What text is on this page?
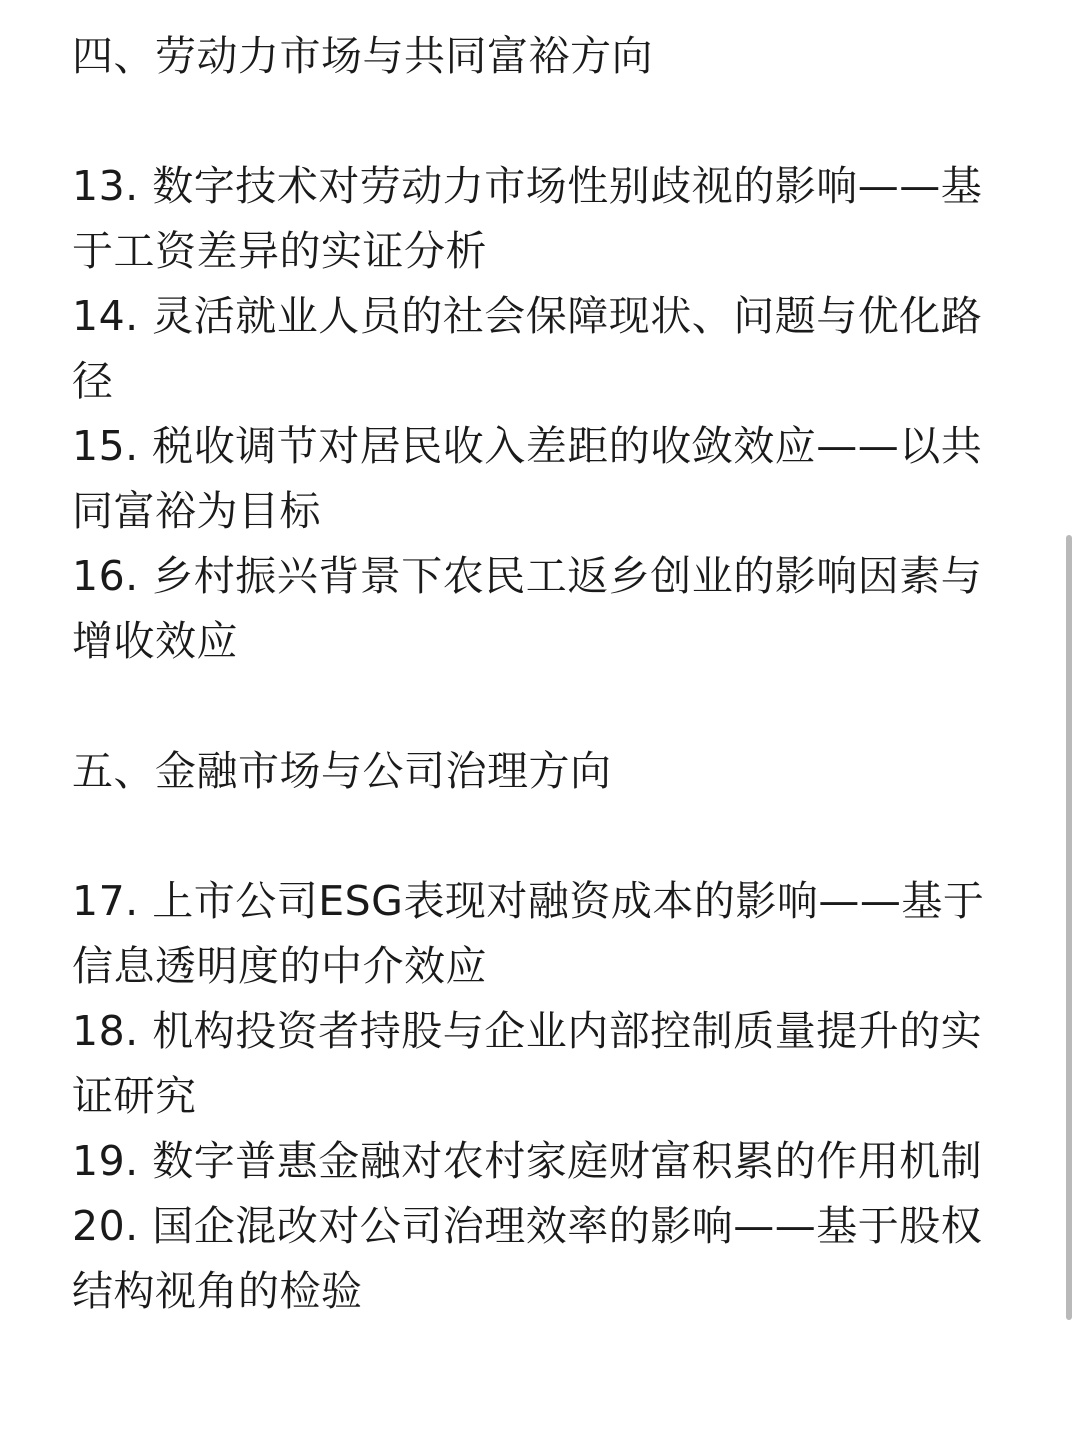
四、劳动力市场与共同富裕方向
13. 数字技术对劳动力市场性别歧视的影响——基
于工资差异的实证分析
14. 灵活就业人员的社会保障现状、问题与优化路
径
15. 税收调节对居民收入差距的收敛效应——以共
同富裕为目标
16. 乡村振兴背景下农民工返乡创业的影响因素与
增收效应
五、金融市场与公司治理方向
17. 上市公司ESG表现对融资成本的影响——基于
信息透明度的中介效应
18. 机构投资者持股与企业内部控制质量提升的实
证研究
19. 数字普惠金融对农村家庭财富积累的作用机制
20. 国企混改对公司治理效率的影响——基于股权
结构视角的检验
